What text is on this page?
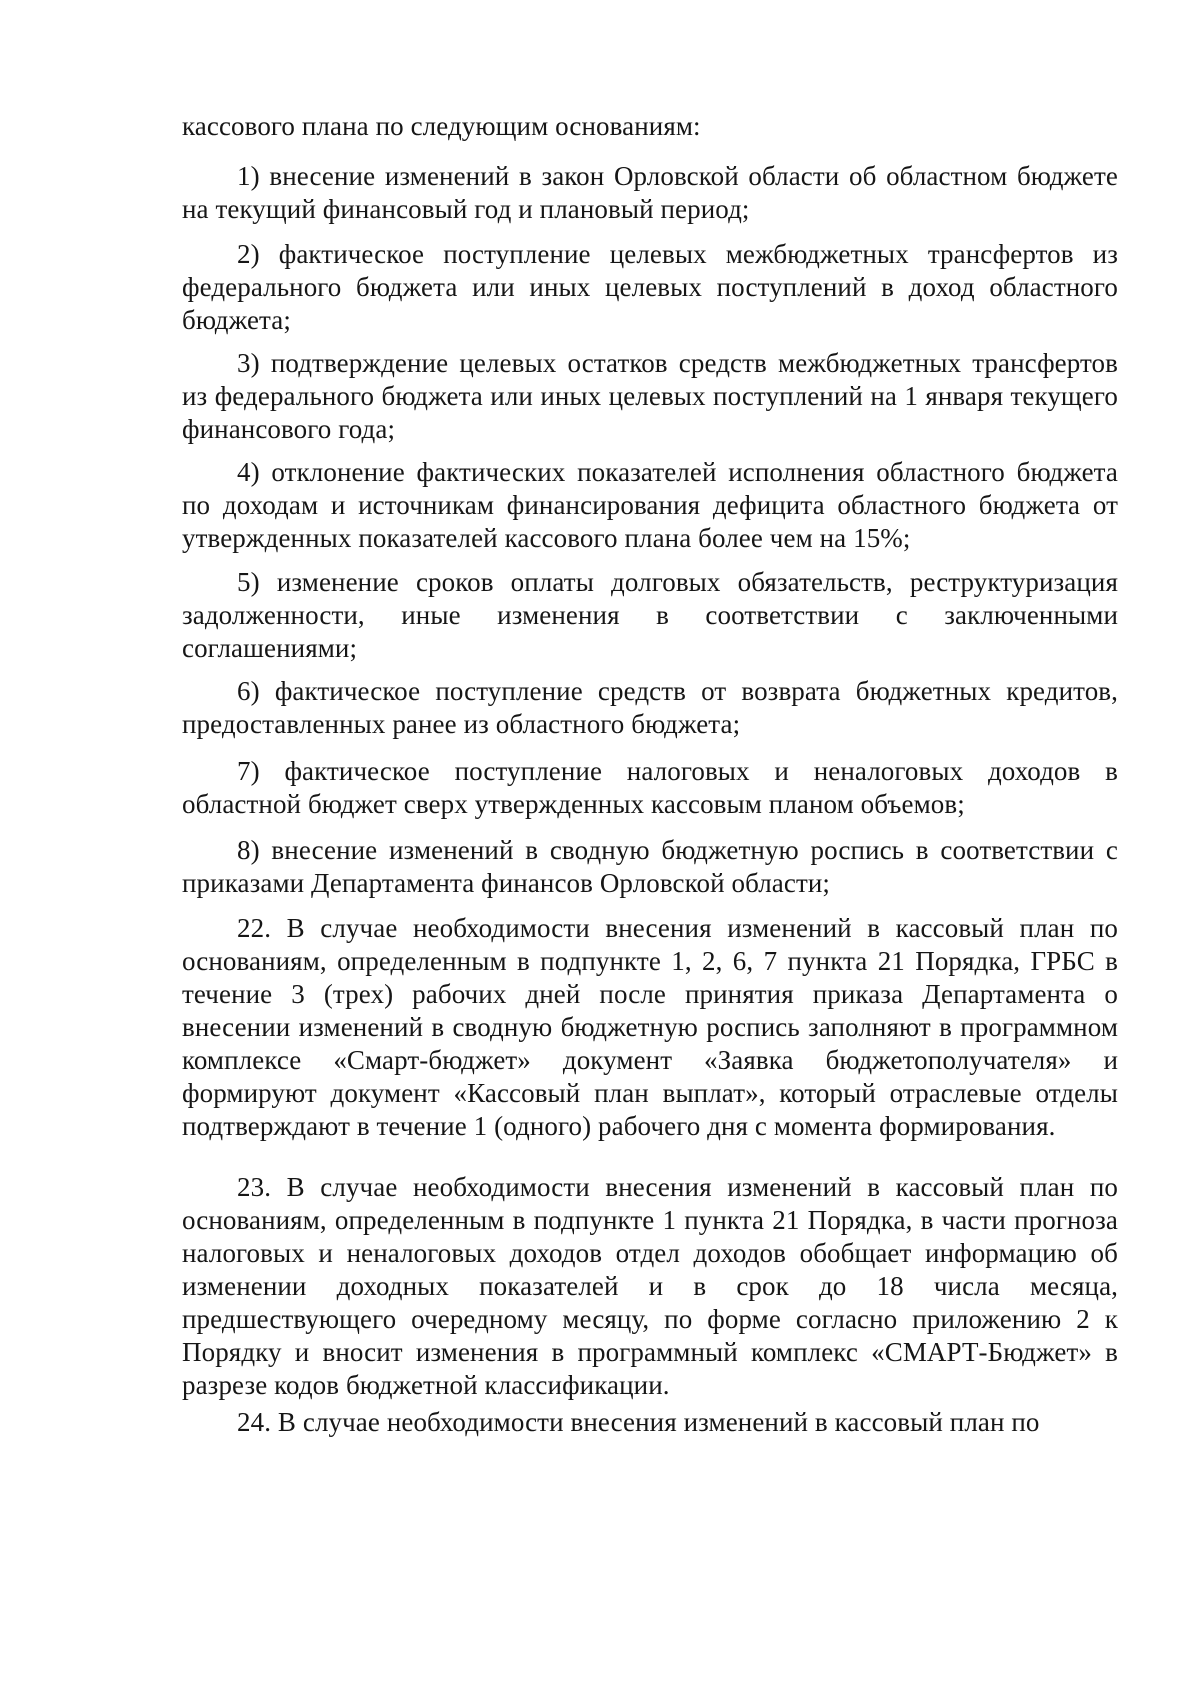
кассового плана по следующим основаниям:

1) внесение изменений в закон Орловской области об областном бюджете на текущий финансовый год и плановый период;

2) фактическое поступление целевых межбюджетных трансфертов из федерального бюджета или иных целевых поступлений в доход областного бюджета;

3) подтверждение целевых остатков средств межбюджетных трансфертов из федерального бюджета или иных целевых поступлений на 1 января текущего финансового года;

4) отклонение фактических показателей исполнения областного бюджета по доходам и источникам финансирования дефицита областного бюджета от утвержденных показателей кассового плана более чем на 15%;

5) изменение сроков оплаты долговых обязательств, реструктуризация задолженности, иные изменения в соответствии с заключенными соглашениями;

6) фактическое поступление средств от возврата бюджетных кредитов, предоставленных ранее из областного бюджета;

7) фактическое поступление налоговых и неналоговых доходов в областной бюджет сверх утвержденных кассовым планом объемов;

8) внесение изменений в сводную бюджетную роспись в соответствии с приказами Департамента финансов Орловской области;

22. В случае необходимости внесения изменений в кассовый план по основаниям, определенным в подпункте 1, 2, 6, 7 пункта 21 Порядка, ГРБС в течение 3 (трех) рабочих дней после принятия приказа Департамента о внесении изменений в сводную бюджетную роспись заполняют в программном комплексе «Смарт-бюджет» документ «Заявка бюджетополучателя» и формируют документ «Кассовый план выплат», который отраслевые отделы подтверждают в течение 1 (одного) рабочего дня с момента формирования.

23. В случае необходимости внесения изменений в кассовый план по основаниям, определенным в подпункте 1 пункта 21 Порядка, в части прогноза налоговых и неналоговых доходов отдел доходов обобщает информацию об изменении доходных показателей и в срок до 18 числа месяца, предшествующего очередному месяцу, по форме согласно приложению 2 к Порядку и вносит изменения в программный комплекс «СМАРТ-Бюджет» в разрезе кодов бюджетной классификации.

24. В случае необходимости внесения изменений в кассовый план по
